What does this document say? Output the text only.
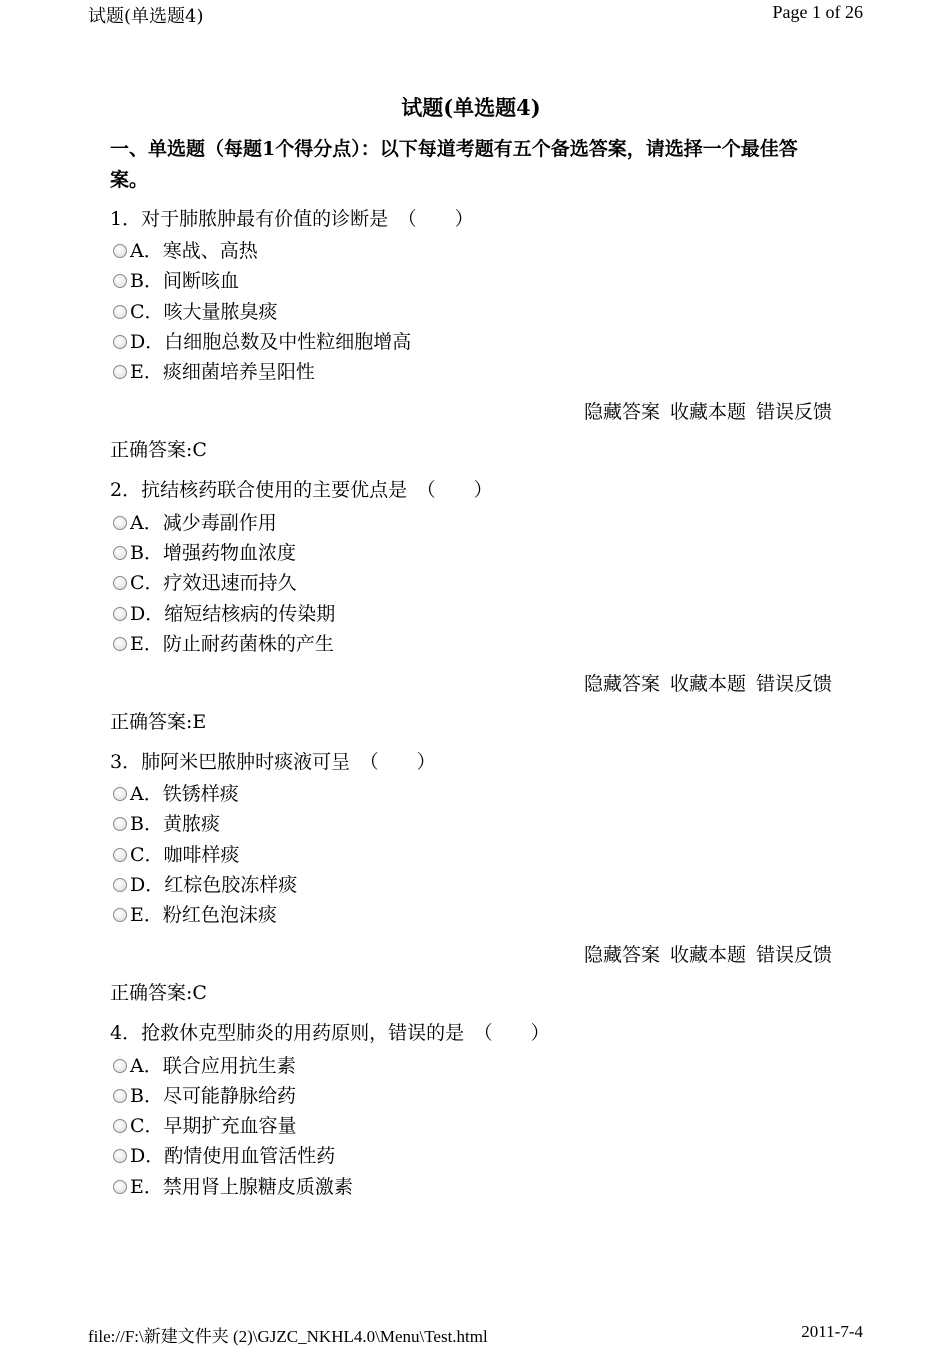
试题(单选题4)	Page 1 of 26
试题(单选题4)
一、单选题（每题1个得分点）：以下每道考题有五个备选答案，请选择一个最佳答案。
1．对于肺脓肿最有价值的诊断是　（　　）
A．寒战、高热
B．间断咳血
C．咳大量脓臭痰
D．白细胞总数及中性粒细胞增高
E．痰细菌培养呈阳性
隐藏答案 收藏本题 错误反馈
正确答案:C
2．抗结核药联合使用的主要优点是　（　　）
A．减少毒副作用
B．增强药物血浓度
C．疗效迅速而持久
D．缩短结核病的传染期
E．防止耐药菌株的产生
隐藏答案 收藏本题 错误反馈
正确答案:E
3．肺阿米巴脓肿时痰液可呈　（　　）
A．铁锈样痰
B．黄脓痰
C．咖啡样痰
D．红棕色胶冻样痰
E．粉红色泡沫痰
隐藏答案 收藏本题 错误反馈
正确答案:C
4．抢救休克型肺炎的用药原则，错误的是　（　　）
A．联合应用抗生素
B．尽可能静脉给药
C．早期扩充血容量
D．酌情使用血管活性药
E．禁用肾上腺糖皮质激素
file://F:\新建文件夹 (2)\GJZC_NKHL4.0\Menu\Test.html	2011-7-4
